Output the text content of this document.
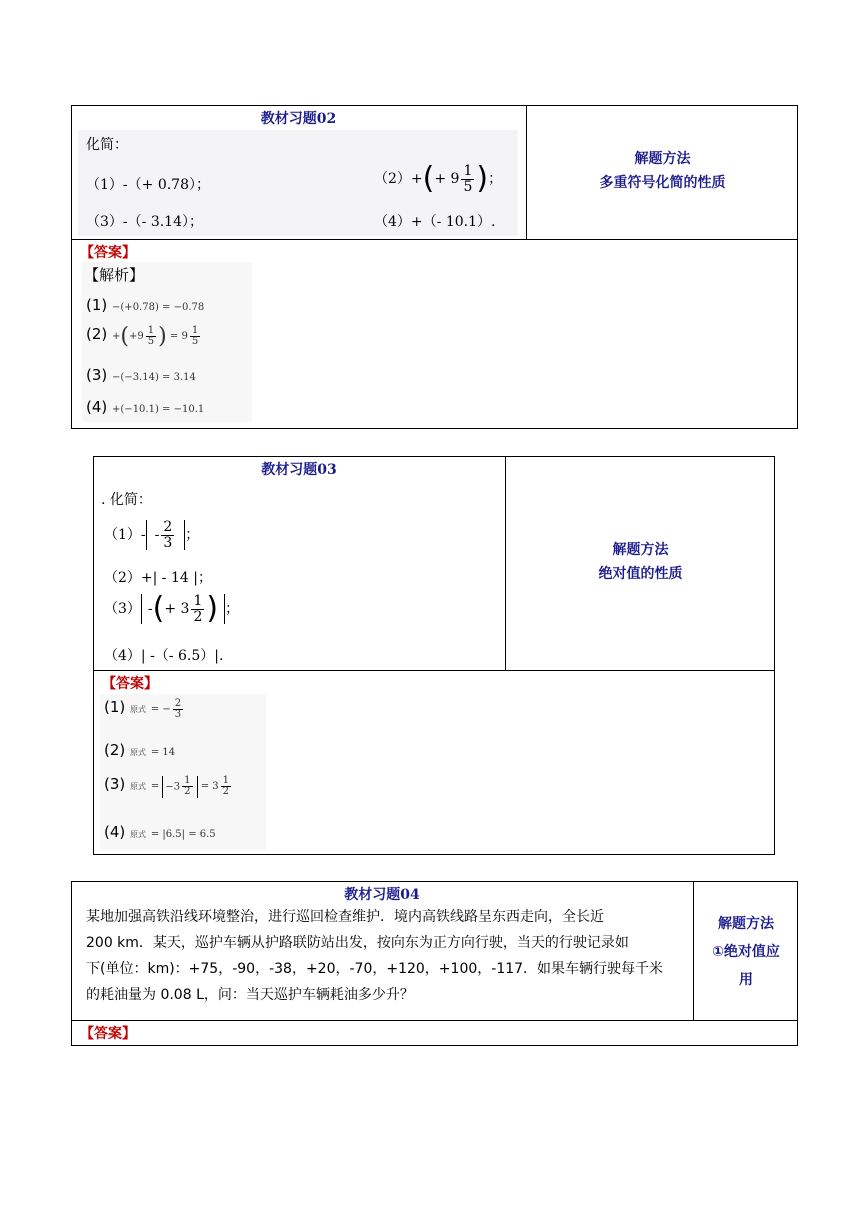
教材习题02
化简：
（1）-（+ 0.78）；	$(2)+(+ 9 \frac{1}{5}$ )；
（3）-（- 3.14）；	（4）+（- 10.1）.
解题方法
多重符号化简的性质
【答案】
【解析】
(1) −(+0.78) = −0.78
$(2) +(+9 \frac{1}{5}$ ) = $9 \frac{1}{5}$
(3) −(−3.14) = 3.14
(4) +(−10.1) = −10.1
教材习题03
. 化简：
$(1)- - \frac{2}{3}$ ；
（2）+| - 14 |；
（3） -(+ $3 \frac{1}{2}$ ) ；
（4）| -（- 6.5）|.
解题方法
绝对值的性质
【答案】
(1) 原式 = − $\frac{2}{3}$
(2) 原式 = 14
(3) 原式 = $-3 \frac{1}{2} = 3 \frac{1}{2}$
(4) 原式 = |6.5| = 6.5
教材习题04
某地加强高铁沿线环境整治，进行巡回检查维护．境内高铁线路呈东西走向，全长近
200 km．某天，巡护车辆从护路联防站出发，按向东为正方向行驶，当天的行驶记录如
下(单位：km)：+75，-90，-38，+20，-70，+120，+100，-117．如果车辆行驶每千米
的耗油量为 0.08 L，问：当天巡护车辆耗油多少升？
解题方法
①绝对值应
用
【答案】
